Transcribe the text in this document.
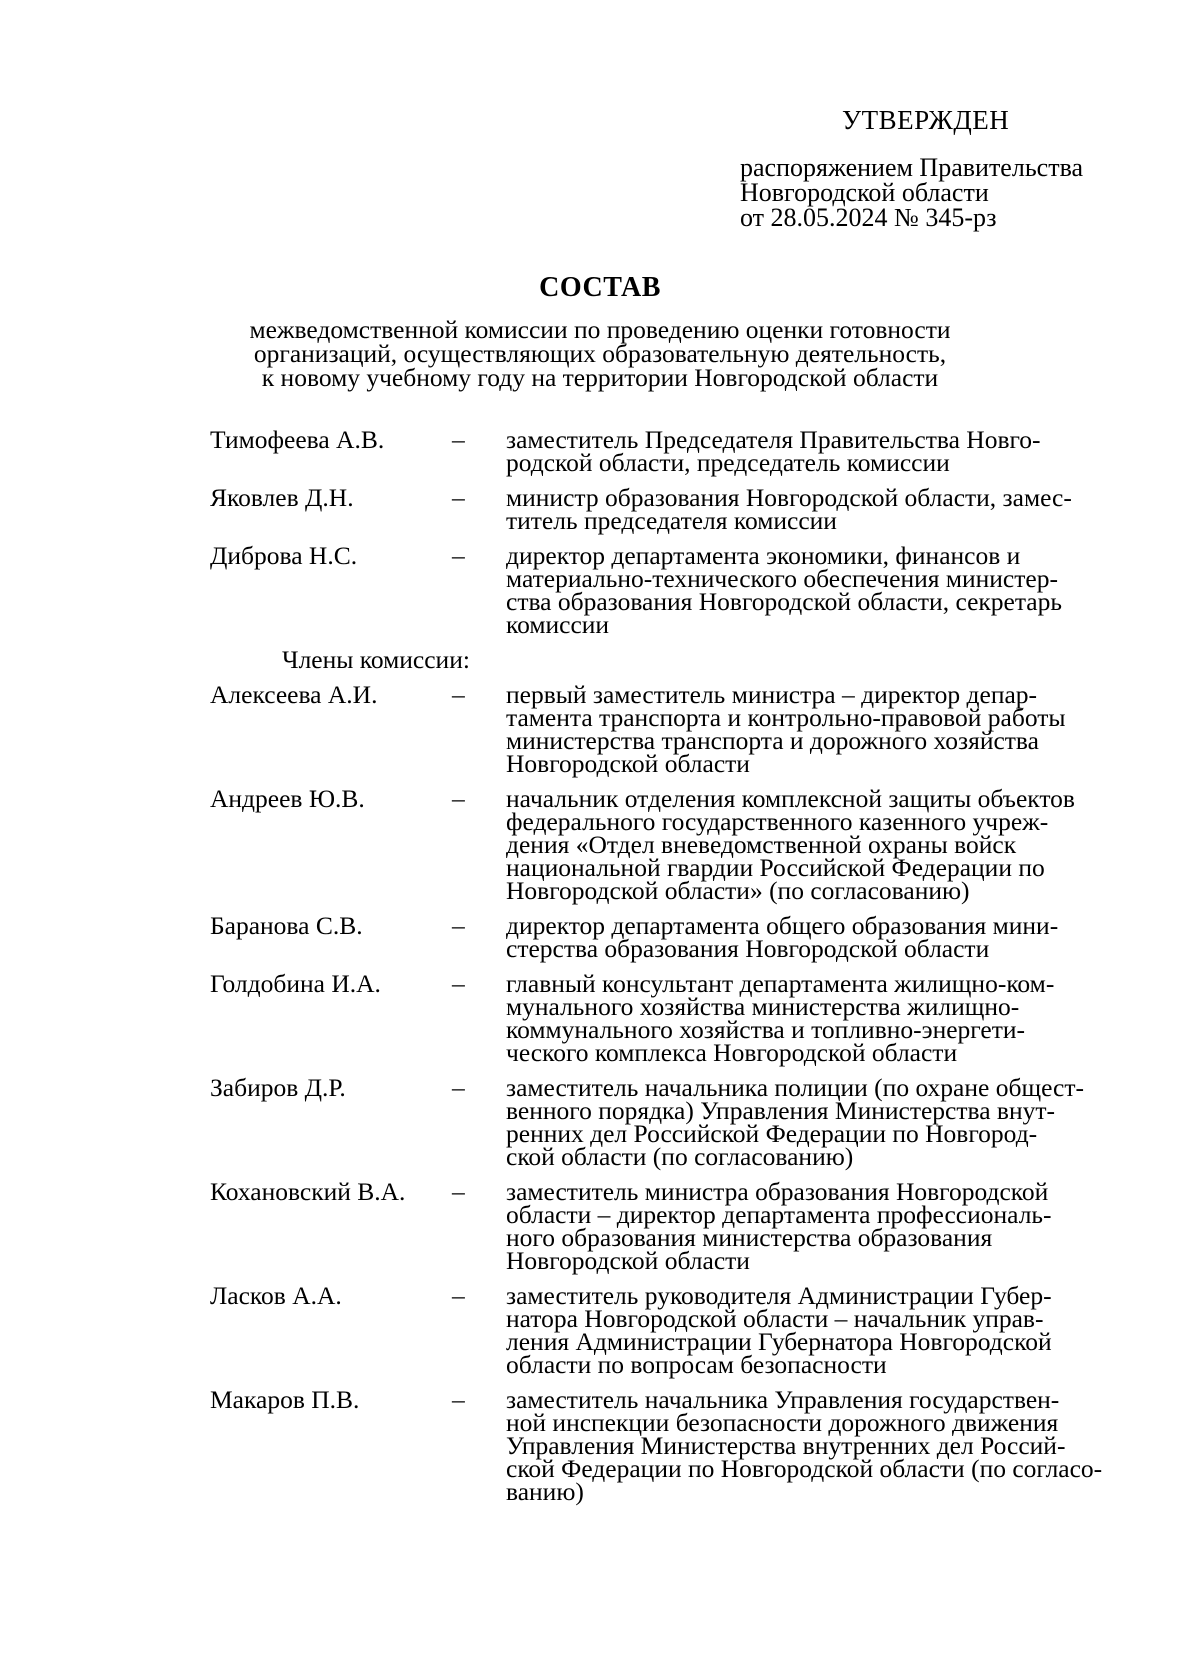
УТВЕРЖДЕН
распоряжением Правительства
Новгородской области
от 28.05.2024 № 345-рз
СОСТАВ
межведомственной комиссии по проведению оценки готовности
организаций, осуществляющих образовательную деятельность,
к новому учебному году на территории Новгородской области
Тимофеева А.В.	–	заместитель Председателя Правительства Новго-
родской области, председатель комиссии
Яковлев Д.Н.	–	министр образования Новгородской области, замес-
титель председателя комиссии
Диброва Н.С.	–	директор департамента экономики, финансов и
материально-технического обеспечения министер-
ства образования Новгородской области, секретарь
комиссии
Члены комиссии:
Алексеева А.И.	–	первый заместитель министра – директор депар-
тамента транспорта и контрольно-правовой работы
министерства транспорта и дорожного хозяйства
Новгородской области
Андреев Ю.В.	–	начальник отделения комплексной защиты объектов
федерального государственного казенного учреж-
дения «Отдел вневедомственной охраны войск
национальной гвардии Российской Федерации по
Новгородской области» (по согласованию)
Баранова С.В.	–	директор департамента общего образования мини-
стерства образования Новгородской области
Голдобина И.А.	–	главный консультант департамента жилищно-ком-
мунального хозяйства министерства жилищно-
коммунального хозяйства и топливно-энергети-
ческого комплекса Новгородской области
Забиров Д.Р.	–	заместитель начальника полиции (по охране общест-
венного порядка) Управления Министерства внут-
ренних дел Российской Федерации по Новгород-
ской области (по согласованию)
Кохановский В.А.	–	заместитель министра образования Новгородской
области – директор департамента профессиональ-
ного образования министерства образования
Новгородской области
Ласков А.А.	–	заместитель руководителя Администрации Губер-
натора Новгородской области – начальник управ-
ления Администрации Губернатора Новгородской
области по вопросам безопасности
Макаров П.В.	–	заместитель начальника Управления государствен-
ной инспекции безопасности дорожного движения
Управления Министерства внутренних дел Россий-
ской Федерации по Новгородской области (по согласо-
ванию)
